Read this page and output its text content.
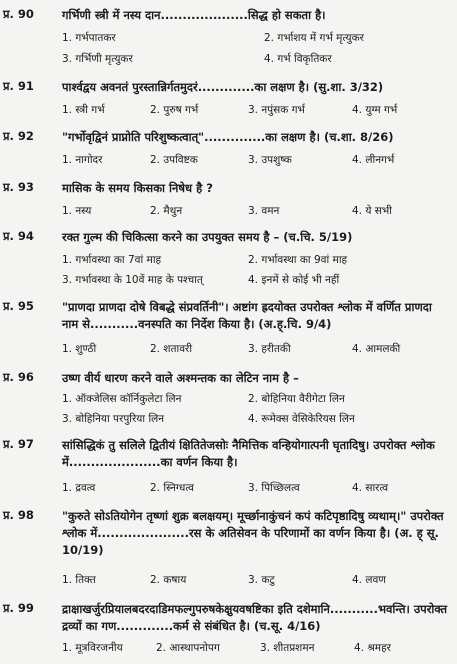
प्र. 90 गर्भिणी स्त्री में नस्य दान....................सिद्ध हो सकता है।
1. गर्भपातकर	2. गर्भाशय में गर्भ मृत्युकर
3. गर्भिणी मृत्युकर	4. गर्भ विकृतिकर
प्र. 91 पार्श्वद्वय अवनतं पुरस्तान्निर्गतमुदरं.............का लक्षण है। (सु.शा. 3/32)
1. स्त्री गर्भ	2. पुरुष गर्भ	3. नपुंसक गर्भ	4. युग्म गर्भ
प्र. 92 "गर्भोवृद्विनं प्राप्नोति परिशुष्कत्वात्"..............का लक्षण है। (च.शा. 8/26)
1. नागोदर	2. उपविष्टक	3. उपशुष्क	4. लीनगर्भ
प्र. 93 मासिक के समय किसका निषेध है ?
1. नस्य	2. मैथुन	3. वमन	4. ये सभी
प्र. 94 रक्त गुल्म की चिकित्सा करने का उपयुक्त समय है – (च.चि. 5/19)
1. गर्भावस्था का 7वां माह	2. गर्भावस्था का 9वां माह
3. गर्भावस्था के 10वें माह के पश्चात्	4. इनमें से कोई भी नहीं
प्र. 95 "प्राणदा प्राणदा दोषे विबद्धे संप्रवर्तिनी"। अष्टांग ह्रदयोक्त उपरोक्त श्लोक में वर्णित प्राणदा नाम से...........वनस्पति का निर्देश किया है। (अ.ह्.चि. 9/4)
1. शुण्ठी	2. शतावरी	3. हरीतकी	4. आमलकी
प्र. 96 उष्ण वीर्य धारण करने वाले अश्मन्तक का लेटिन नाम है –
1. ऑक्जेलिस कॉर्निकुलेटा लिन	2. बोहिनिया वैरीगेटा लिन
3. बोहिनिया परपुरिया लिन	4. रूमेक्स वेसिकेरियस लिन
प्र. 97 सांसिद्धिकं तु सलिले द्वितीयं क्षितितेजसोः नैमित्तिक वन्हियोगात्पनी घृतादिषु। उपरोक्त श्लोक में.....................का वर्णन किया है।
1. द्रवत्व	2. स्निग्धत्व	3. पिच्छिलत्व	4. सारत्व
प्र. 98 "कुरुते सोऽतियोगेन तृष्णां शुक्र बलक्षयम्। मूर्च्छानाकुंचनं कपं कटिपृष्ठादिषु व्यथाम्।" उपरोक्त श्लोक में.....................रस के अतिसेवन के परिणामों का वर्णन किया है। (अ. ह् सू. 10/19)
1. तिक्त	2. कषाय	3. कटु	4. लवण
प्र. 99 द्राक्षाखर्जुरप्रियालबदरदाडिमफल्गुपरुषकेक्षुयवषष्टिका इति दशेमानि...........भवन्ति। उपरोक्त द्रव्यों का गण.............कर्म से संबंधित है। (च.सू. 4/16)
1. मूत्रविरजनीय	2. आस्थापनोपग	3. शीतप्रशमन	4. श्रमहर
